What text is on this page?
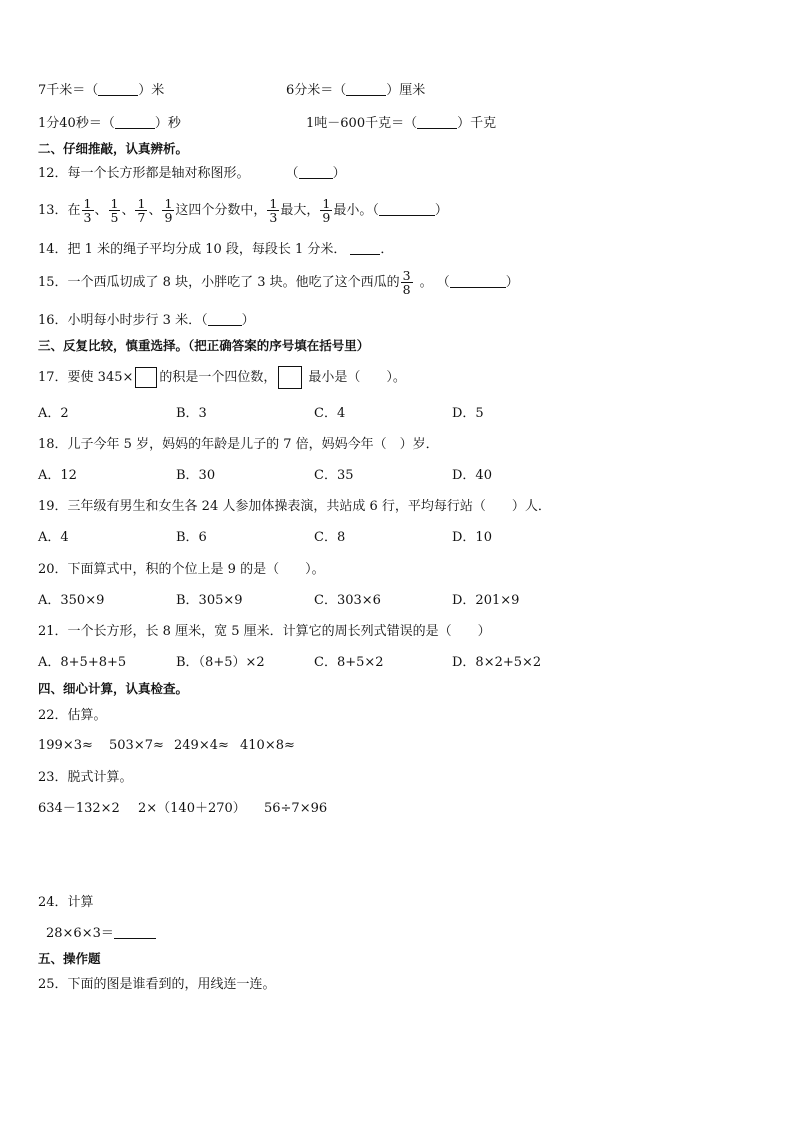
7千米＝（	）米	6分米＝（	）厘米
1分40秒＝（	）秒	1吨－600千克＝（	）千克
二、仔细推敲，认真辨析。
12．每一个长方形都是轴对称图形。	（	）
13．在 $\frac{1}{3}$ 、 $\frac{1}{5}$ 、 $\frac{1}{7}$ 、 $\frac{1}{9}$ 这四个分数中， $\frac{1}{3}$ 最大， $\frac{1}{9}$ 最小。（	）
14．把 1 米的绳子平均分成 10 段，每段长 1 分米．	．
15．一个西瓜切成了 8 块，小胖吃了 3 块。他吃了这个西瓜的 $\frac{3}{8}$ 。 （	）
16．小明每小时步行 3 米．（	）
三、反复比较，慎重选择。（把正确答案的序号填在括号里）
17．要使 345× 的积是一个四位数， 最小是（　　）。
A．2	B．3	C．4	D．5
18．儿子今年 5 岁，妈妈的年龄是儿子的 7 倍，妈妈今年（　）岁．
A．12	B．30	C．35	D．40
19．三年级有男生和女生各 24 人参加体操表演，共站成 6 行，平均每行站（　　）人．
A．4	B．6	C．8	D．10
20．下面算式中，积的个位上是 9 的是（　　）。
A．350×9	B．305×9	C．303×6	D．201×9
21．一个长方形，长 8 厘米，宽 5 厘米．计算它的周长列式错误的是（　　）
A．8+5+8+5	B．（8+5）×2	C．8+5×2	D．8×2+5×2
四、细心计算，认真检查。
22．估算。
199×3≈ 503×7≈ 249×4≈ 410×8≈
23．脱式计算。
634－132×2 2×（140＋270） 56÷7×96
24．计算
28×6×3＝
五、操作题
25．下面的图是谁看到的，用线连一连。
